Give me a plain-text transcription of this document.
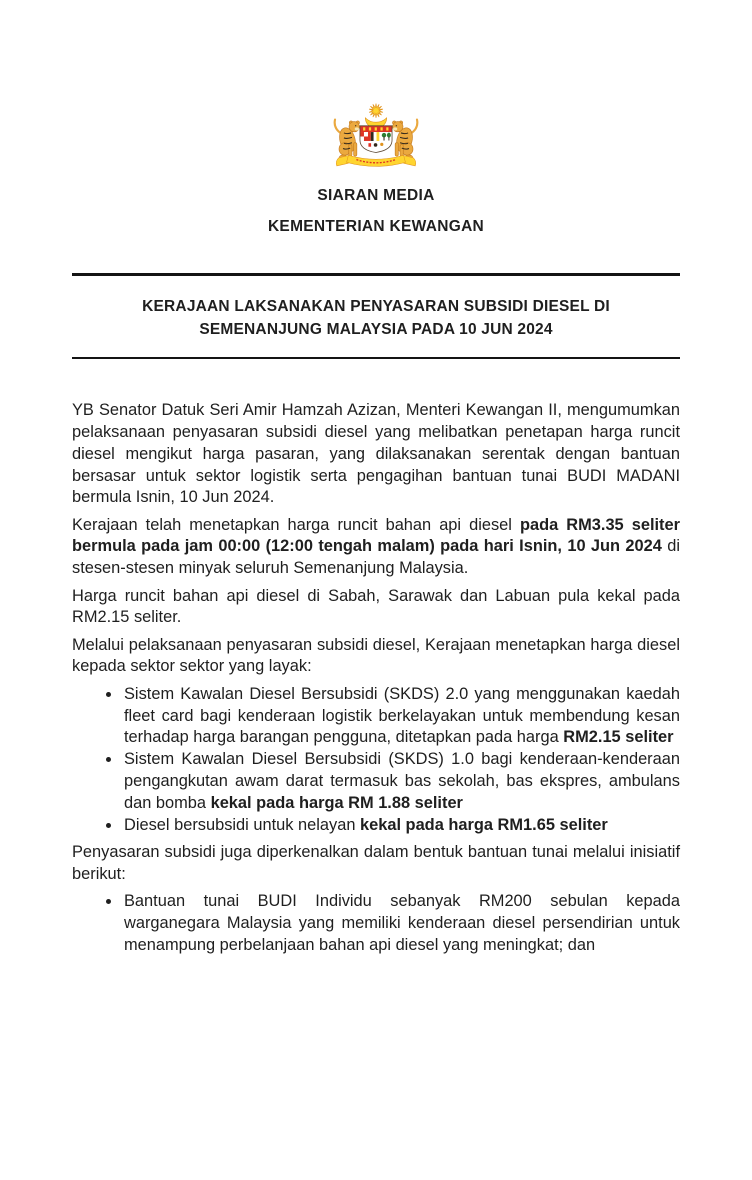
SIARAN MEDIA
KEMENTERIAN KEWANGAN
KERAJAAN LAKSANAKAN PENYASARAN SUBSIDI DIESEL DI
SEMENANJUNG MALAYSIA PADA 10 JUN 2024

YB Senator Datuk Seri Amir Hamzah Azizan, Menteri Kewangan II, mengumumkan pelaksanaan penyasaran subsidi diesel yang melibatkan penetapan harga runcit diesel mengikut harga pasaran, yang dilaksanakan serentak dengan bantuan bersasar untuk sektor logistik serta pengagihan bantuan tunai BUDI MADANI bermula Isnin, 10 Jun 2024.

Kerajaan telah menetapkan harga runcit bahan api diesel pada RM3.35 seliter bermula pada jam 00:00 (12:00 tengah malam) pada hari Isnin, 10 Jun 2024 di stesen-stesen minyak seluruh Semenanjung Malaysia.

Harga runcit bahan api diesel di Sabah, Sarawak dan Labuan pula kekal pada RM2.15 seliter.

Melalui pelaksanaan penyasaran subsidi diesel, Kerajaan menetapkan harga diesel kepada sektor sektor yang layak:

• Sistem Kawalan Diesel Bersubsidi (SKDS) 2.0 yang menggunakan kaedah fleet card bagi kenderaan logistik berkelayakan untuk membendung kesan terhadap harga barangan pengguna, ditetapkan pada harga RM2.15 seliter
• Sistem Kawalan Diesel Bersubsidi (SKDS) 1.0 bagi kenderaan-kenderaan pengangkutan awam darat termasuk bas sekolah, bas ekspres, ambulans dan bomba kekal pada harga RM 1.88 seliter
• Diesel bersubsidi untuk nelayan kekal pada harga RM1.65 seliter

Penyasaran subsidi juga diperkenalkan dalam bentuk bantuan tunai melalui inisiatif berikut:

• Bantuan tunai BUDI Individu sebanyak RM200 sebulan kepada warganegara Malaysia yang memiliki kenderaan diesel persendirian untuk menampung perbelanjaan bahan api diesel yang meningkat; dan
